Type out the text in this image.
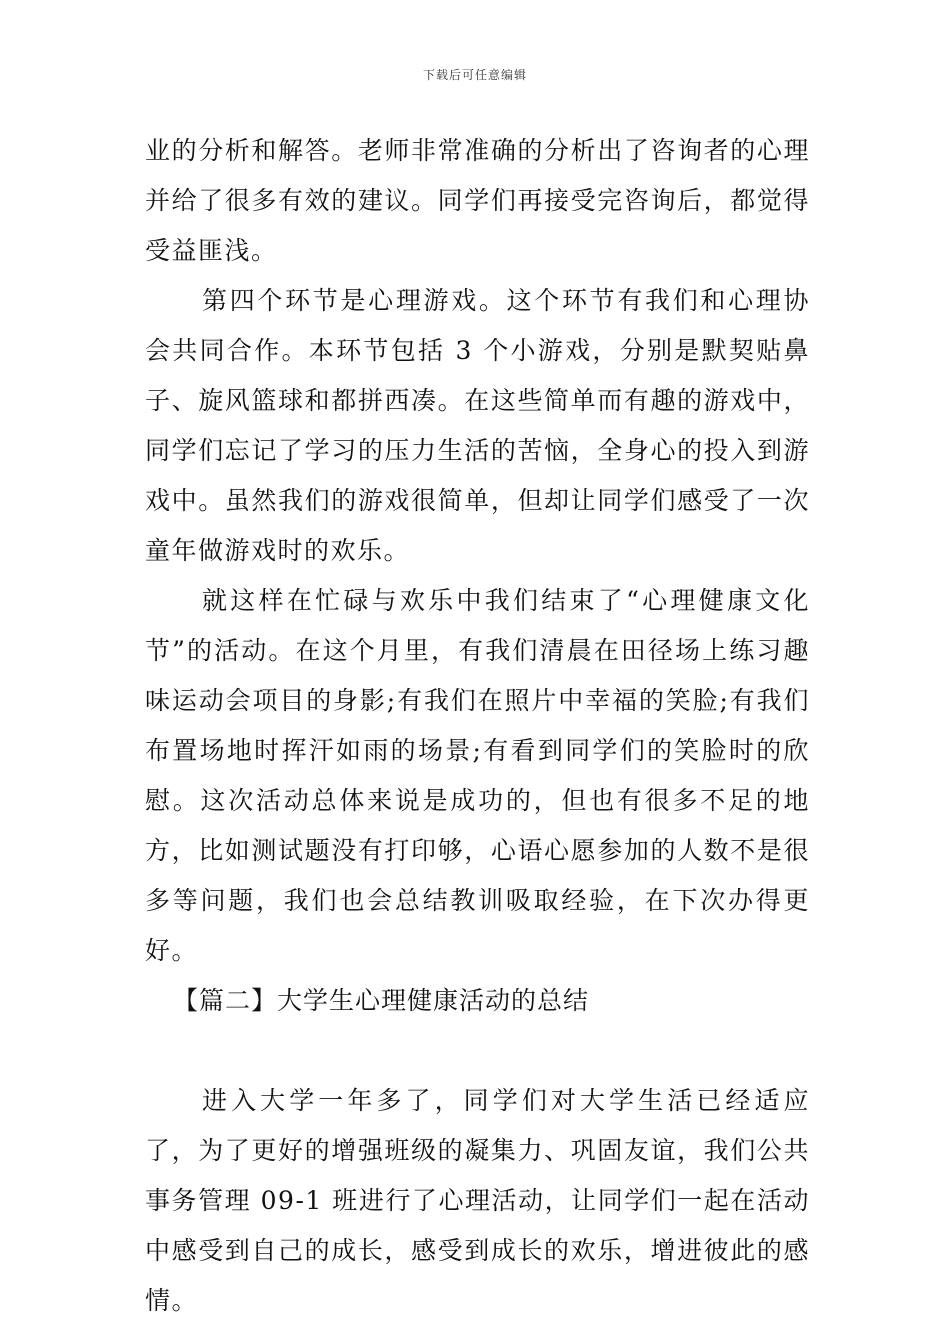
下载后可任意编辑

业的分析和解答。老师非常准确的分析出了咨询者的心理并给了很多有效的建议。同学们再接受完咨询后，都觉得受益匪浅。

第四个环节是心理游戏。这个环节有我们和心理协会共同合作。本环节包括 3 个小游戏，分别是默契贴鼻子、旋风篮球和都拼西凑。在这些简单而有趣的游戏中，同学们忘记了学习的压力生活的苦恼，全身心的投入到游戏中。虽然我们的游戏很简单，但却让同学们感受了一次童年做游戏时的欢乐。

就这样在忙碌与欢乐中我们结束了“心理健康文化节”的活动。在这个月里，有我们清晨在田径场上练习趣味运动会项目的身影;有我们在照片中幸福的笑脸;有我们布置场地时挥汗如雨的场景;有看到同学们的笑脸时的欣慰。这次活动总体来说是成功的，但也有很多不足的地方，比如测试题没有打印够，心语心愿参加的人数不是很多等问题，我们也会总结教训吸取经验，在下次办得更好。

【篇二】大学生心理健康活动的总结

进入大学一年多了，同学们对大学生活已经适应了，为了更好的增强班级的凝集力、巩固友谊，我们公共事务管理 09-1 班进行了心理活动，让同学们一起在活动中感受到自己的成长，感受到成长的欢乐，增进彼此的感情。
